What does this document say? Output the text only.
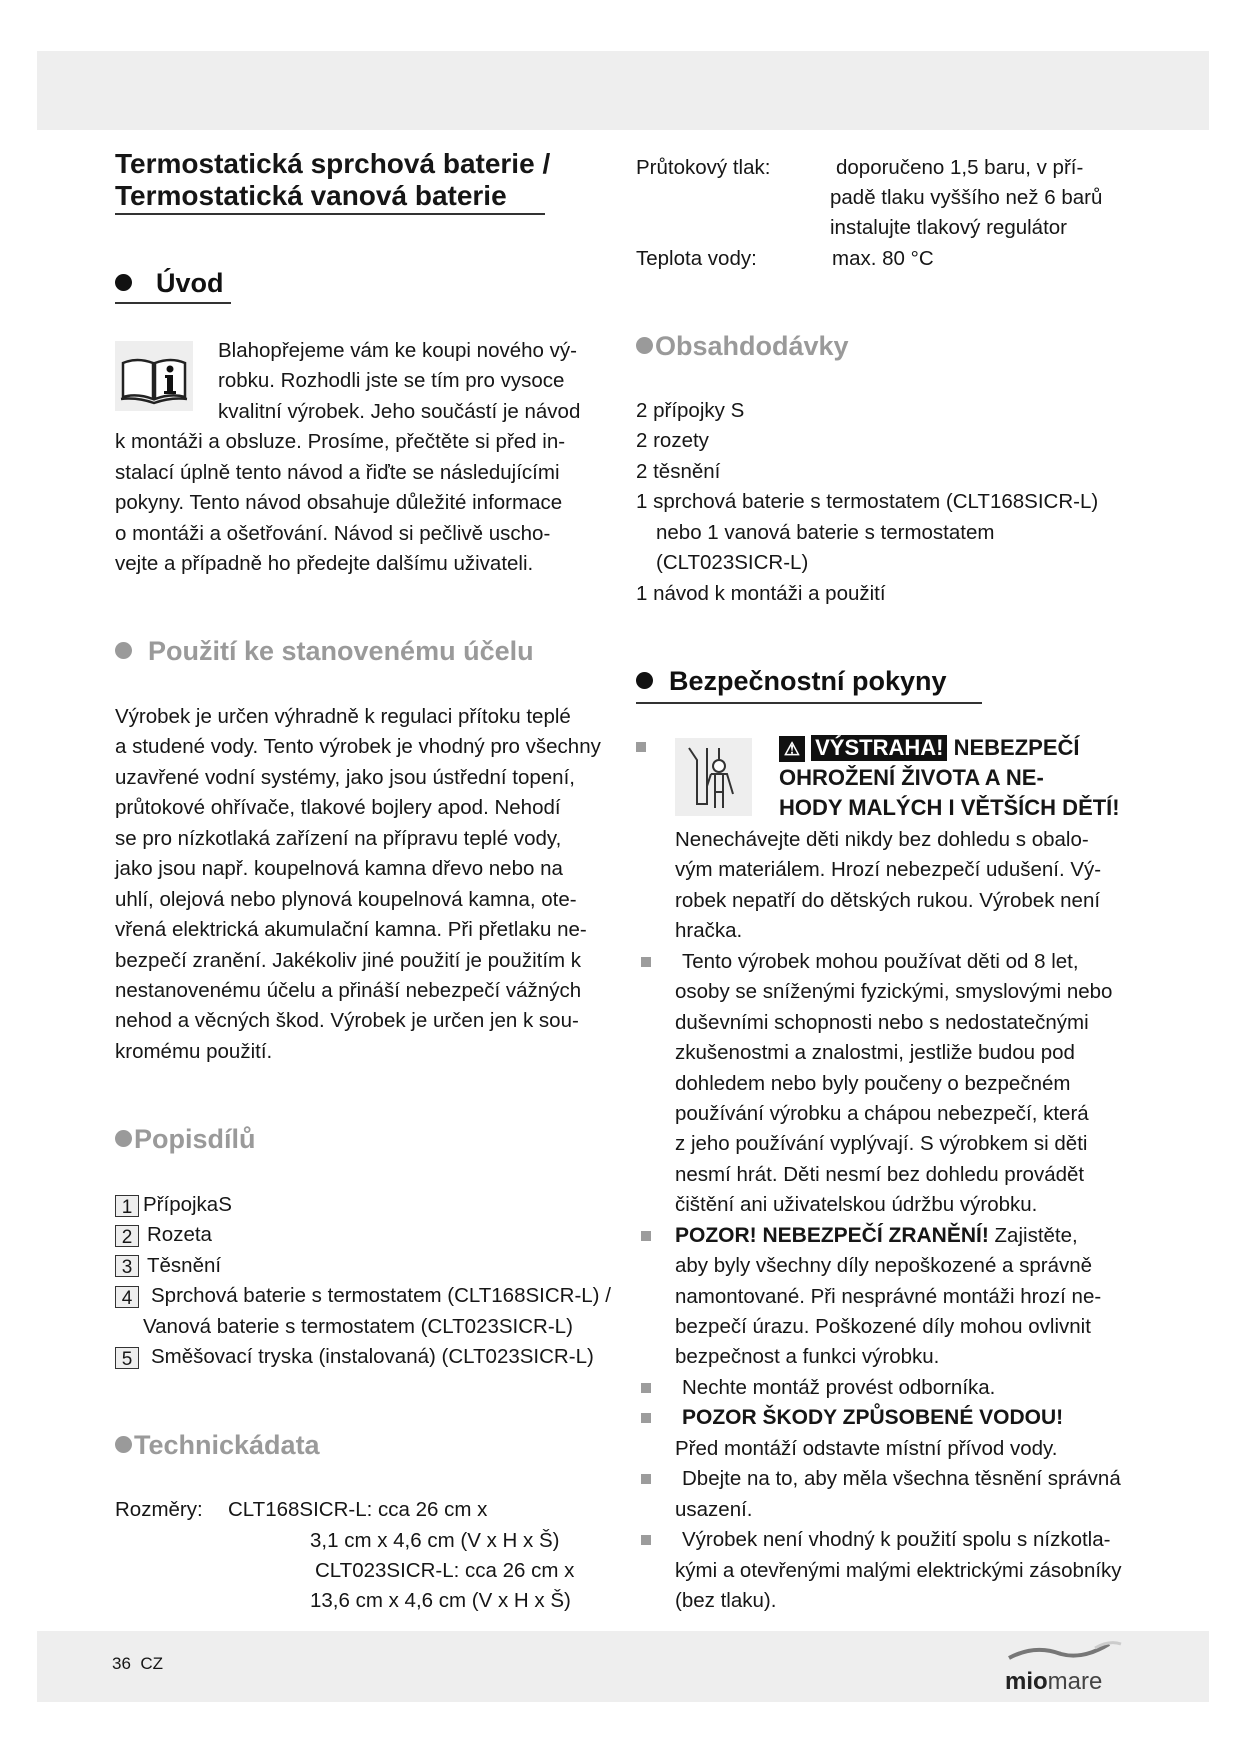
Termostatická sprchová baterie /
Termostatická vanová baterie
Úvod
Blahopřejeme vám ke koupi nového vý-
robku. Rozhodli jste se tím pro vysoce
kvalitní výrobek. Jeho součástí je návod
k montáži a obsluze. Prosíme, přečtěte si před in-
stalací úplně tento návod a řiďte se následujícími
pokyny. Tento návod obsahuje důležité informace
o montáži a ošetřování. Návod si pečlivě uscho-
vejte a případně ho předejte dalšímu uživateli.
Použití ke stanovenému účelu
Výrobek je určen výhradně k regulaci přítoku teplé
a studené vody. Tento výrobek je vhodný pro všechny
uzavřené vodní systémy, jako jsou ústřední topení,
průtokové ohřívače, tlakové bojlery apod. Nehodí
se pro nízkotlaká zařízení na přípravu teplé vody,
jako jsou např. koupelnová kamna dřevo nebo na
uhlí, olejová nebo plynová koupelnová kamna, ote-
vřená elektrická akumulační kamna. Při přetlaku ne-
bezpečí zranění. Jakékoliv jiné použití je použitím k
nestanovenému účelu a přináší nebezpečí vážných
nehod a věcných škod. Výrobek je určen jen k sou-
kromému použití.
Popisdílů
1 PřípojkaS
2 Rozeta
3 Těsnění
4 Sprchová baterie s termostatem (CLT168SICR-L) /
Vanová baterie s termostatem (CLT023SICR-L)
5 Směšovací tryska (instalovaná) (CLT023SICR-L)
Technickádata
Rozměry: CLT168SICR-L: cca 26 cm x
3,1 cm x 4,6 cm (V x H x Š)
CLT023SICR-L: cca 26 cm x
13,6 cm x 4,6 cm (V x H x Š)
Průtokový tlak:	doporučeno 1,5 baru, v pří-
padě tlaku vyššího než 6 barů
instalujte tlakový regulátor
Teplota vody:	max. 80 °C
Obsahdodávky
2 přípojky S
2 rozety
2 těsnění
1 sprchová baterie s termostatem (CLT168SICR-L)
nebo 1 vanová baterie s termostatem
(CLT023SICR-L)
1 návod k montáži a použití
Bezpečnostní pokyny
⚠ VÝSTRAHA! NEBEZPEČÍ
OHROŽENÍ ŽIVOTA A NE-
HODY MALÝCH I VĚTŠÍCH DĚTÍ!
Nenechávejte děti nikdy bez dohledu s obalo-
vým materiálem. Hrozí nebezpečí udušení. Vý-
robek nepatří do dětských rukou. Výrobek není
hračka.
Tento výrobek mohou používat děti od 8 let,
osoby se sníženými fyzickými, smyslovými nebo
duševními schopnosti nebo s nedostatečnými
zkušenostmi a znalostmi, jestliže budou pod
dohledem nebo byly poučeny o bezpečném
používání výrobku a chápou nebezpečí, která
z jeho používání vyplývají. S výrobkem si děti
nesmí hrát. Děti nesmí bez dohledu provádět
čištění ani uživatelskou údržbu výrobku.
POZOR! NEBEZPEČÍ ZRANĚNÍ! Zajistěte,
aby byly všechny díly nepoškozené a správně
namontované. Při nesprávné montáži hrozí ne-
bezpečí úrazu. Poškozené díly mohou ovlivnit
bezpečnost a funkci výrobku.
Nechte montáž provést odborníka.
POZOR ŠKODY ZPŮSOBENÉ VODOU!
Před montáží odstavte místní přívod vody.
Dbejte na to, aby měla všechna těsnění správná
usazení.
Výrobek není vhodný k použití spolu s nízkotla-
kými a otevřenými malými elektrickými zásobníky
(bez tlaku).
36 CZ
miomare
